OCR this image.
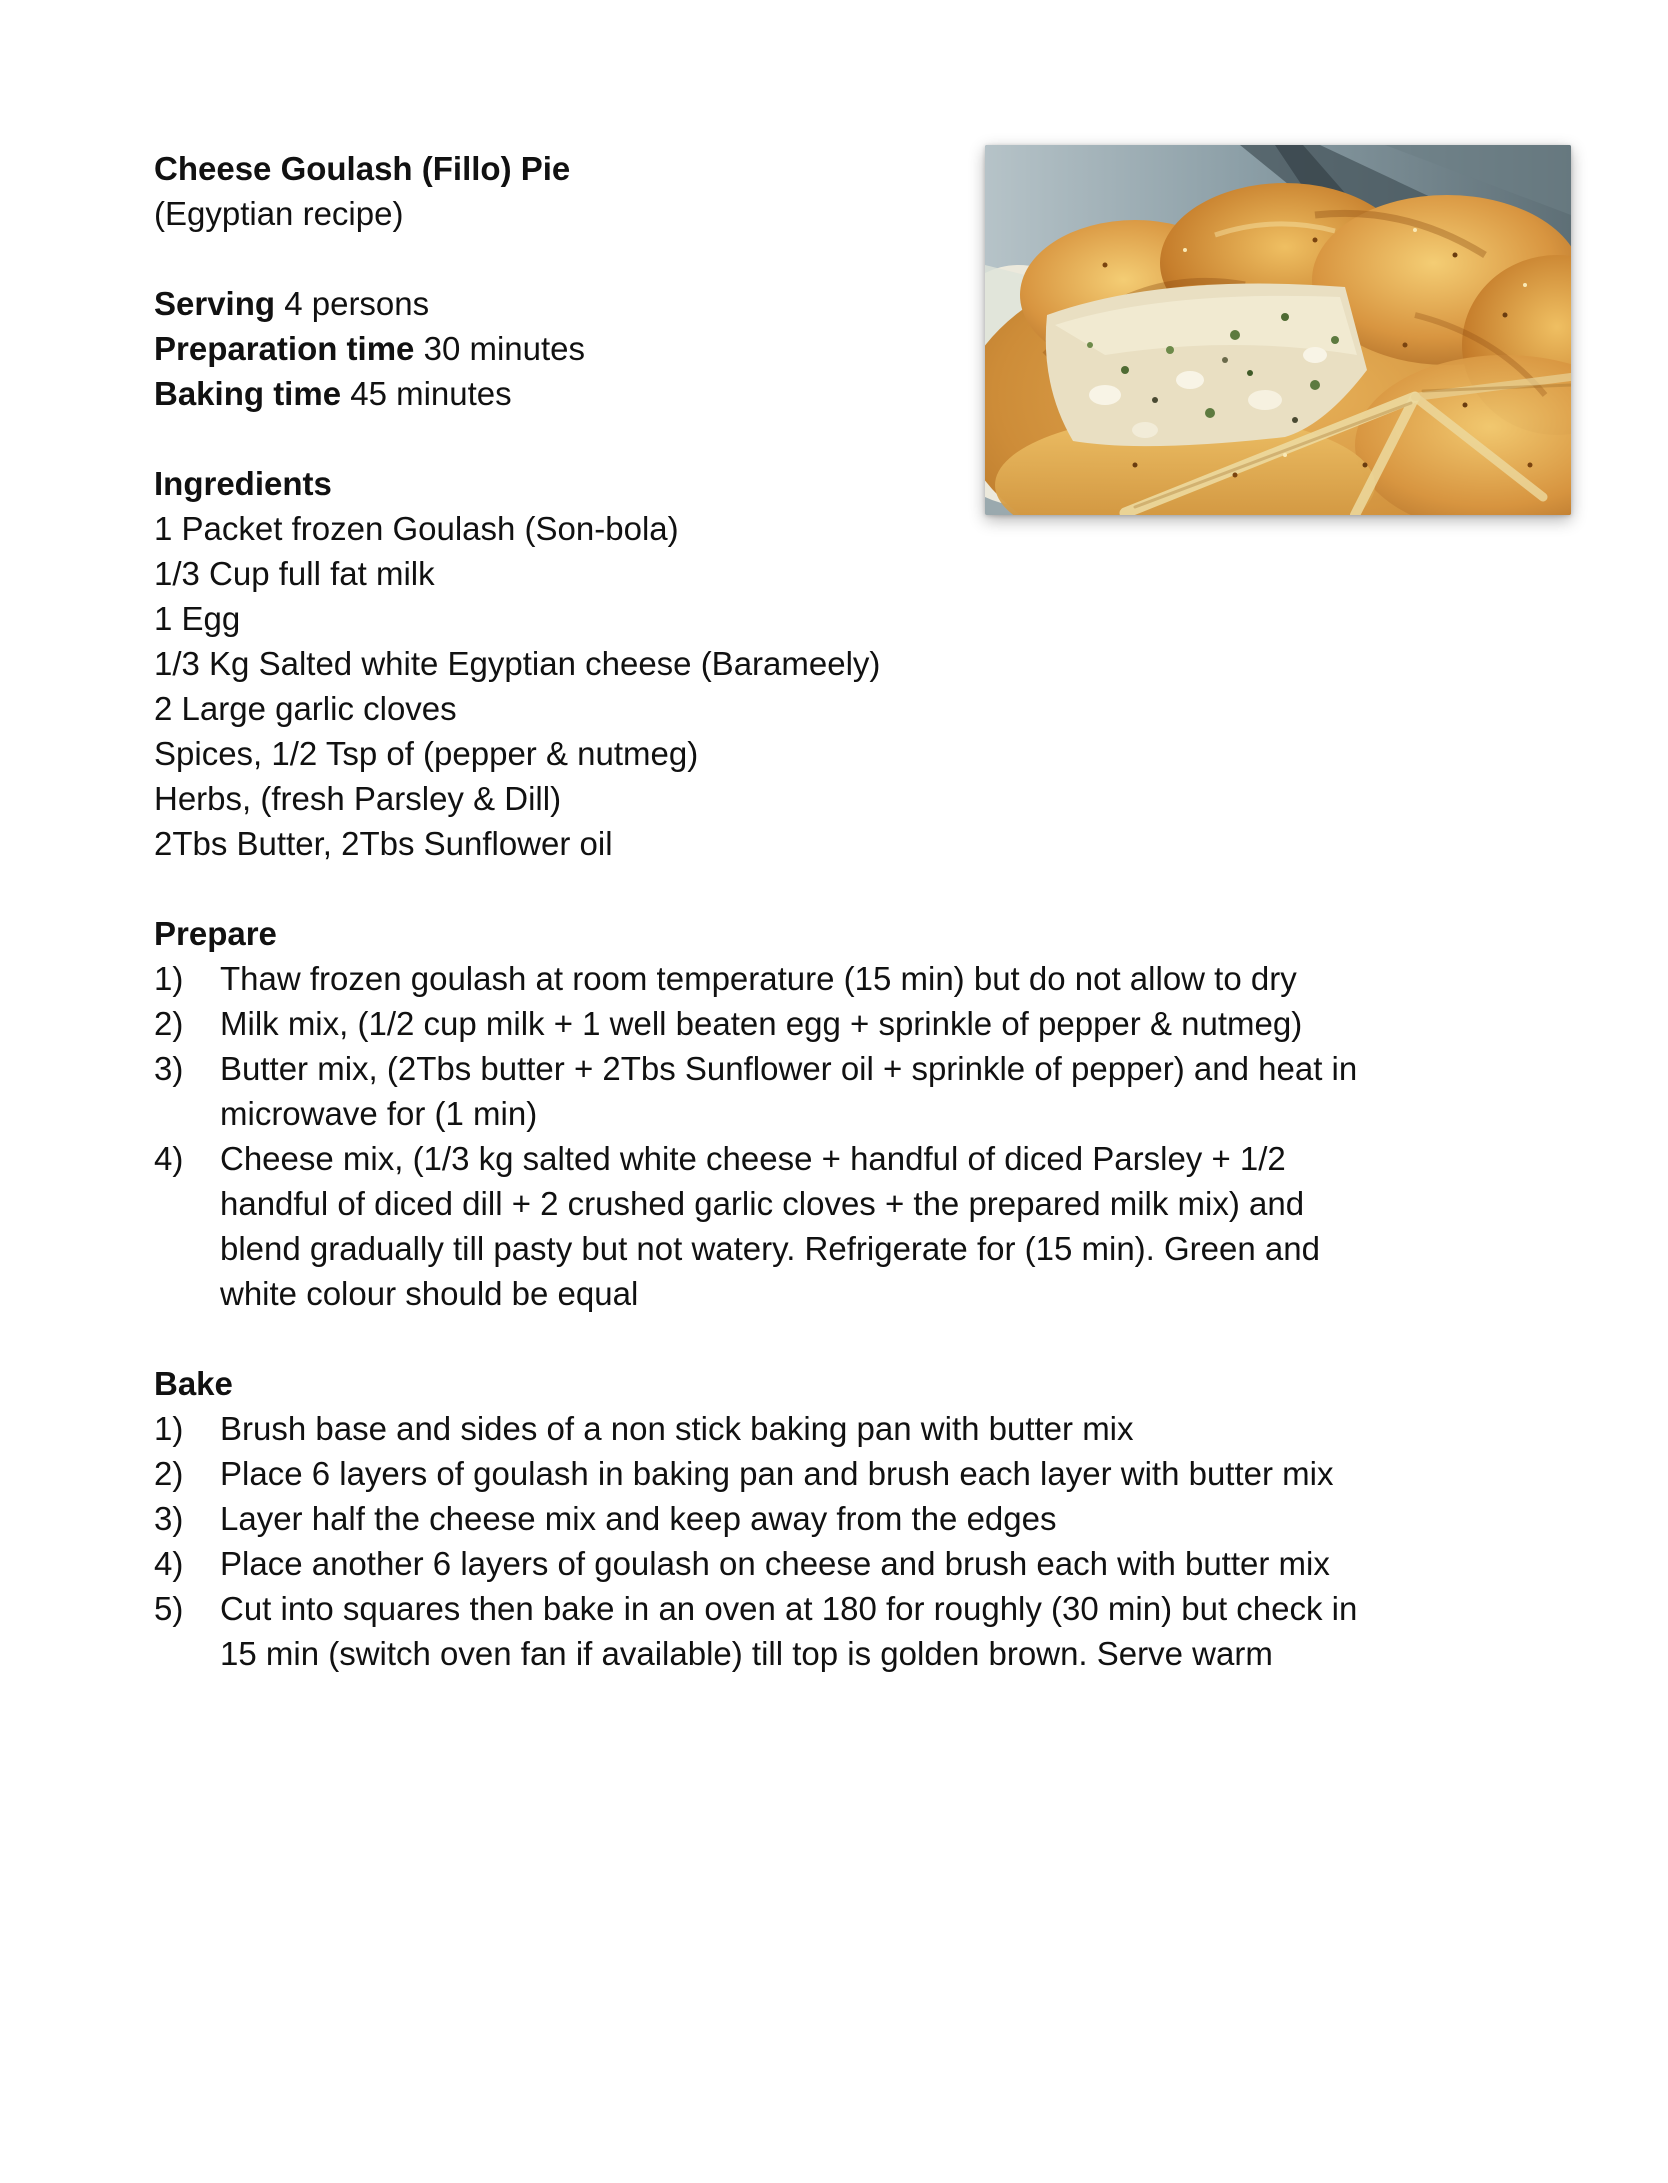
Cheese Goulash (Fillo) Pie
(Egyptian recipe)
Serving 4 persons
Preparation time 30 minutes
Baking time 45 minutes
Ingredients
1 Packet frozen Goulash (Son-bola)
1/3 Cup full fat milk
1 Egg
1/3 Kg Salted white Egyptian cheese (Barameely)
2 Large garlic cloves
Spices, 1/2 Tsp of (pepper & nutmeg)
Herbs, (fresh Parsley & Dill)
2Tbs Butter, 2Tbs Sunflower oil
Prepare
1)	Thaw frozen goulash at room temperature (15 min) but do not allow to dry
2)	Milk mix, (1/2 cup milk + 1 well beaten egg + sprinkle of pepper & nutmeg)
3)	Butter mix, (2Tbs butter + 2Tbs Sunflower oil + sprinkle of pepper) and heat in
microwave for (1 min)
4)	Cheese mix, (1/3 kg salted white cheese + handful of diced Parsley + 1/2
handful of diced dill + 2 crushed garlic cloves + the prepared milk mix) and
blend gradually till pasty but not watery. Refrigerate for (15 min). Green and
white colour should be equal
Bake
1)	Brush base and sides of a non stick baking pan with butter mix
2)	Place 6 layers of goulash in baking pan and brush each layer with butter mix
3)	Layer half the cheese mix and keep away from the edges
4)	Place another 6 layers of goulash on cheese and brush each with butter mix
5)	Cut into squares then bake in an oven at 180 for roughly (30 min) but check in
15 min (switch oven fan if available) till top is golden brown. Serve warm
